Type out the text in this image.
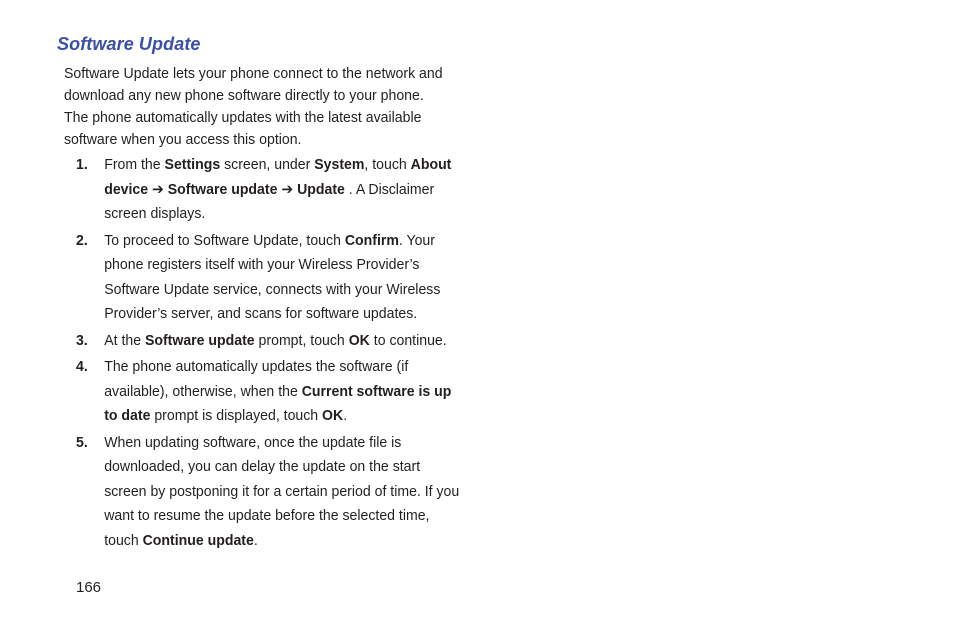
Software Update

Software Update lets your phone connect to the network and download any new phone software directly to your phone. The phone automatically updates with the latest available software when you access this option.

1. From the Settings screen, under System, touch About device ➔ Software update ➔ Update . A Disclaimer screen displays.
2. To proceed to Software Update, touch Confirm. Your phone registers itself with your Wireless Provider’s Software Update service, connects with your Wireless Provider’s server, and scans for software updates.
3. At the Software update prompt, touch OK to continue.
4. The phone automatically updates the software (if available), otherwise, when the Current software is up to date prompt is displayed, touch OK.
5. When updating software, once the update file is downloaded, you can delay the update on the start screen by postponing it for a certain period of time. If you want to resume the update before the selected time, touch Continue update.

166
